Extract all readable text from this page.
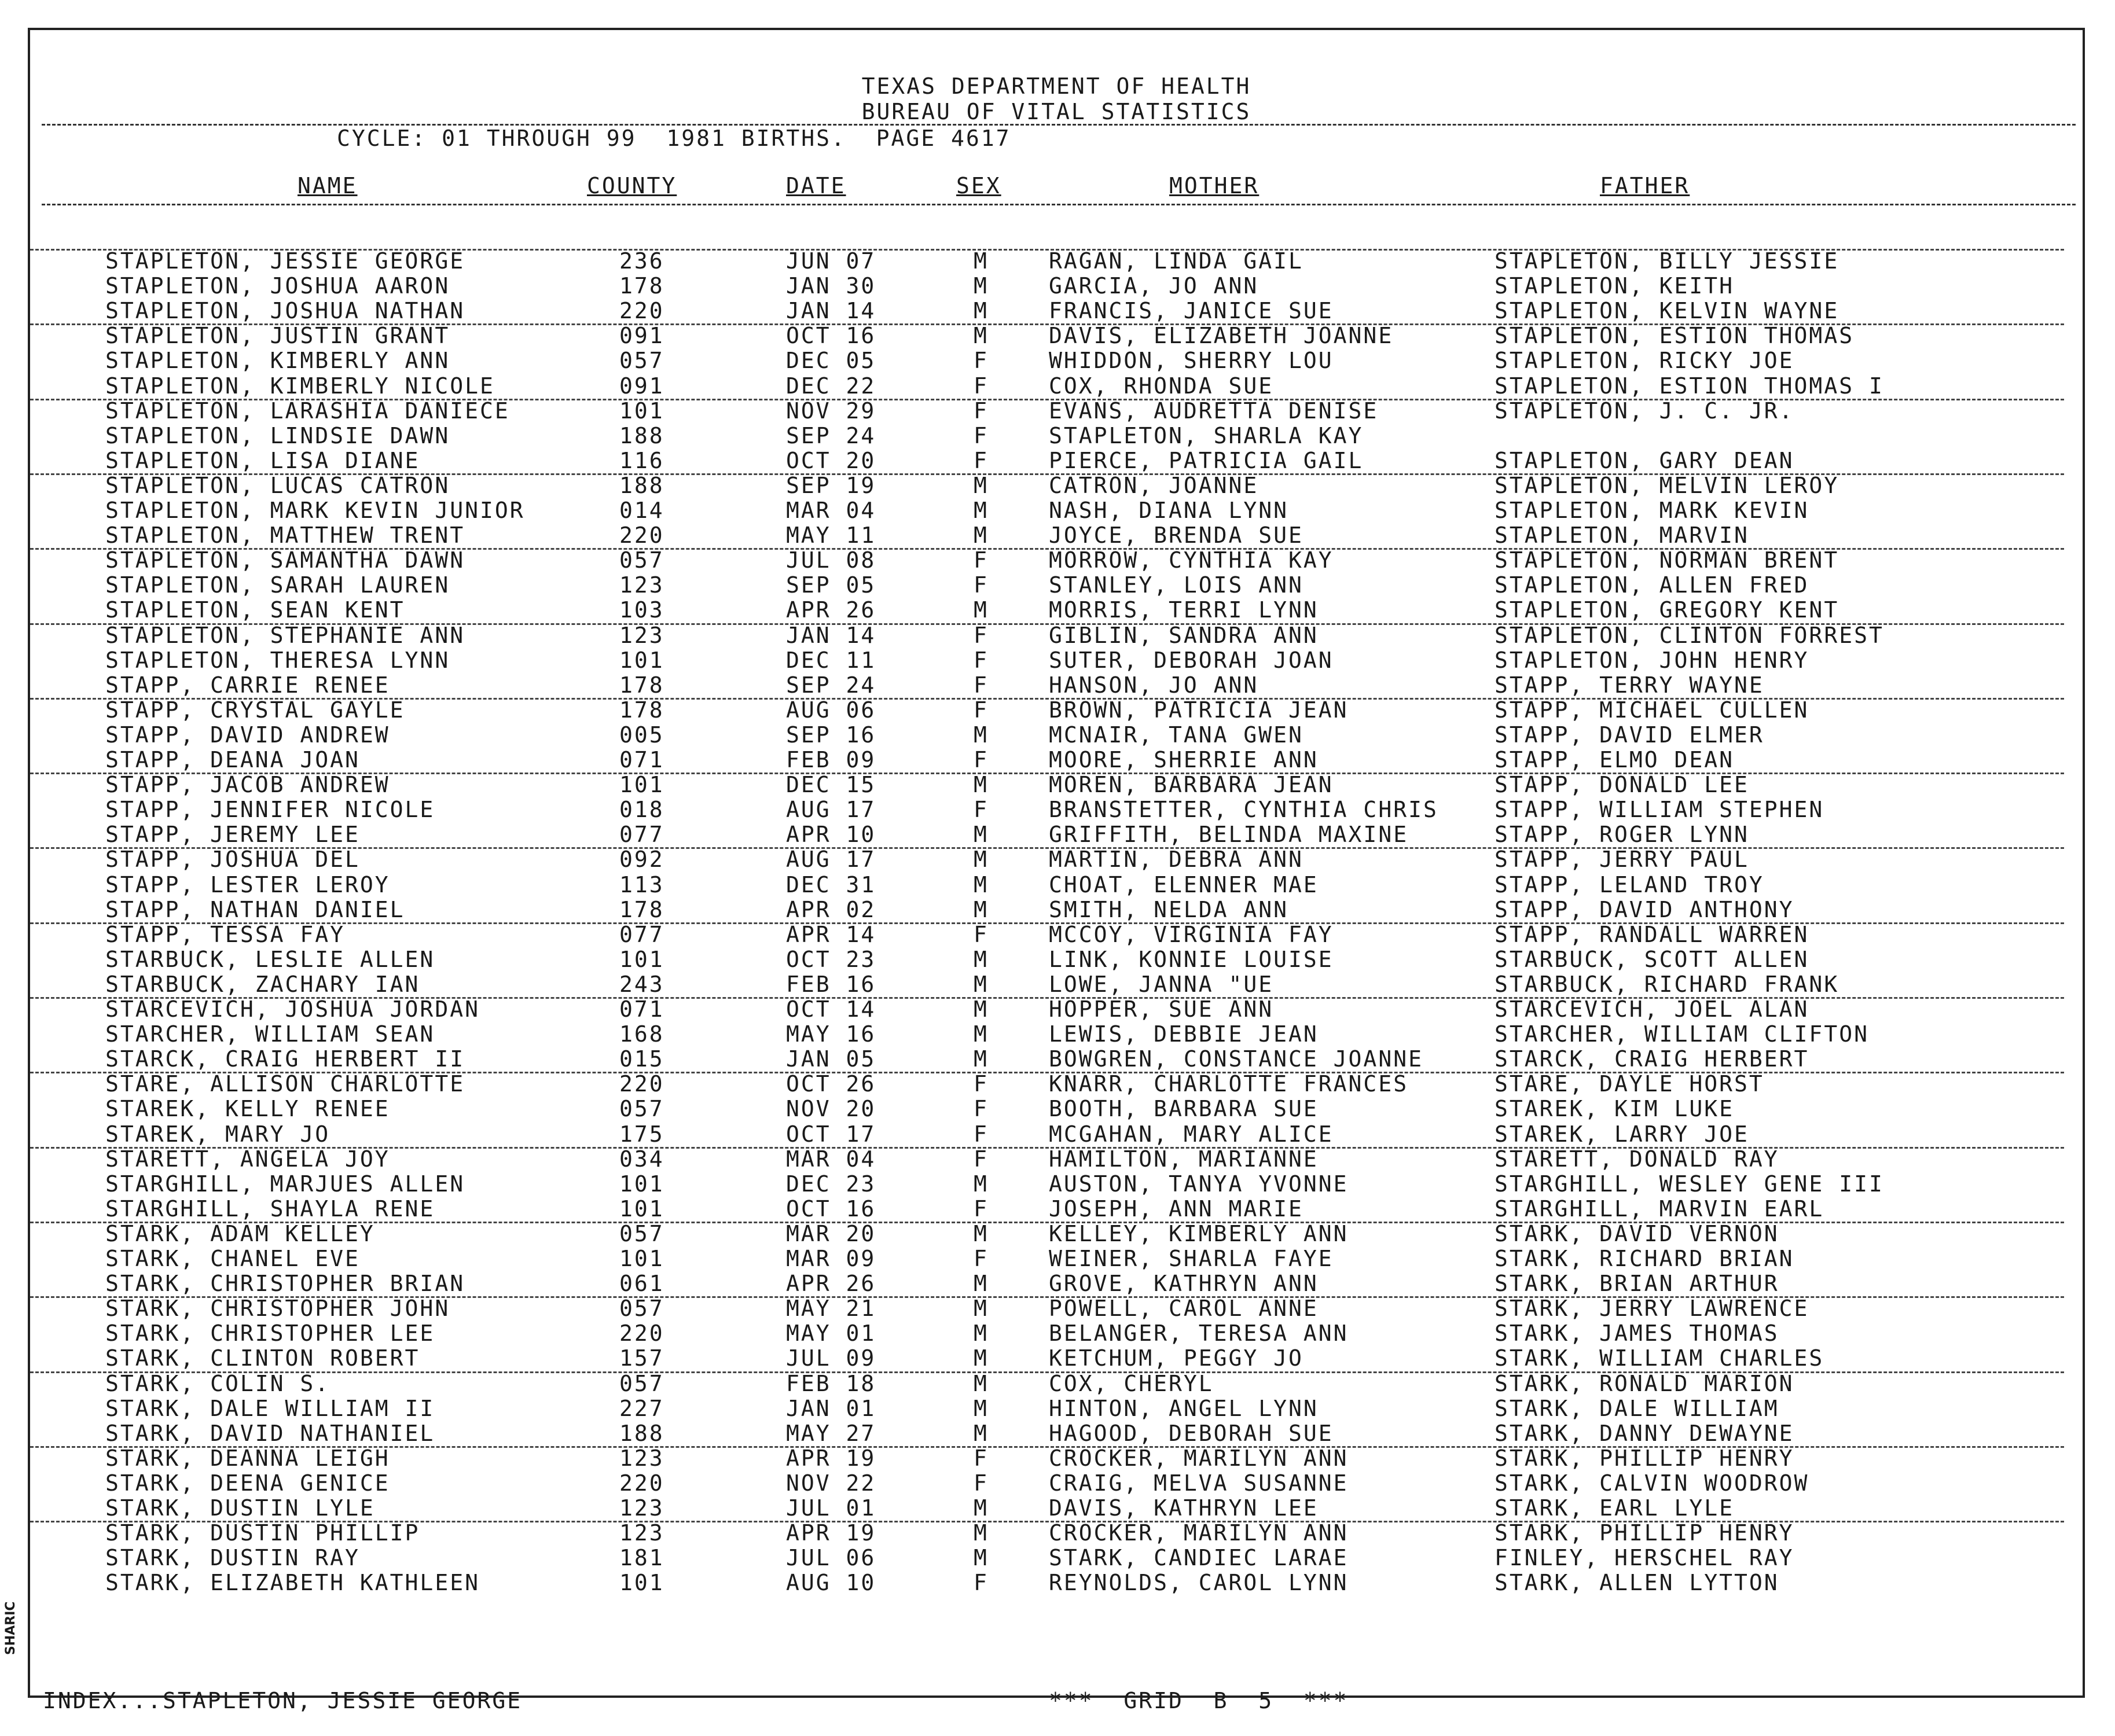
TEXAS DEPARTMENT OF HEALTH
BUREAU OF VITAL STATISTICS
CYCLE: 01 THROUGH 99  1981 BIRTHS.  PAGE 4617
NAME	COUNTY	DATE	SEX	MOTHER	FATHER
STAPLETON, JESSIE GEORGE	236	JUN 07	M	RAGAN, LINDA GAIL	STAPLETON, BILLY JESSIE
STAPLETON, JOSHUA AARON	178	JAN 30	M	GARCIA, JO ANN	STAPLETON, KEITH
STAPLETON, JOSHUA NATHAN	220	JAN 14	M	FRANCIS, JANICE SUE	STAPLETON, KELVIN WAYNE
STAPLETON, JUSTIN GRANT	091	OCT 16	M	DAVIS, ELIZABETH JOANNE	STAPLETON, ESTION THOMAS
STAPLETON, KIMBERLY ANN	057	DEC 05	F	WHIDDON, SHERRY LOU	STAPLETON, RICKY JOE
STAPLETON, KIMBERLY NICOLE	091	DEC 22	F	COX, RHONDA SUE	STAPLETON, ESTION THOMAS I
STAPLETON, LARASHIA DANIECE	101	NOV 29	F	EVANS, AUDRETTA DENISE	STAPLETON, J. C. JR.
STAPLETON, LINDSIE DAWN	188	SEP 24	F	STAPLETON, SHARLA KAY
STAPLETON, LISA DIANE	116	OCT 20	F	PIERCE, PATRICIA GAIL	STAPLETON, GARY DEAN
STAPLETON, LUCAS CATRON	188	SEP 19	M	CATRON, JOANNE	STAPLETON, MELVIN LEROY
STAPLETON, MARK KEVIN JUNIOR	014	MAR 04	M	NASH, DIANA LYNN	STAPLETON, MARK KEVIN
STAPLETON, MATTHEW TRENT	220	MAY 11	M	JOYCE, BRENDA SUE	STAPLETON, MARVIN
STAPLETON, SAMANTHA DAWN	057	JUL 08	F	MORROW, CYNTHIA KAY	STAPLETON, NORMAN BRENT
STAPLETON, SARAH LAUREN	123	SEP 05	F	STANLEY, LOIS ANN	STAPLETON, ALLEN FRED
STAPLETON, SEAN KENT	103	APR 26	M	MORRIS, TERRI LYNN	STAPLETON, GREGORY KENT
STAPLETON, STEPHANIE ANN	123	JAN 14	F	GIBLIN, SANDRA ANN	STAPLETON, CLINTON FORREST
STAPLETON, THERESA LYNN	101	DEC 11	F	SUTER, DEBORAH JOAN	STAPLETON, JOHN HENRY
STAPP, CARRIE RENEE	178	SEP 24	F	HANSON, JO ANN	STAPP, TERRY WAYNE
STAPP, CRYSTAL GAYLE	178	AUG 06	F	BROWN, PATRICIA JEAN	STAPP, MICHAEL CULLEN
STAPP, DAVID ANDREW	005	SEP 16	M	MCNAIR, TANA GWEN	STAPP, DAVID ELMER
STAPP, DEANA JOAN	071	FEB 09	F	MOORE, SHERRIE ANN	STAPP, ELMO DEAN
STAPP, JACOB ANDREW	101	DEC 15	M	MOREN, BARBARA JEAN	STAPP, DONALD LEE
STAPP, JENNIFER NICOLE	018	AUG 17	F	BRANSTETTER, CYNTHIA CHRIS	STAPP, WILLIAM STEPHEN
STAPP, JEREMY LEE	077	APR 10	M	GRIFFITH, BELINDA MAXINE	STAPP, ROGER LYNN
STAPP, JOSHUA DEL	092	AUG 17	M	MARTIN, DEBRA ANN	STAPP, JERRY PAUL
STAPP, LESTER LEROY	113	DEC 31	M	CHOAT, ELENNER MAE	STAPP, LELAND TROY
STAPP, NATHAN DANIEL	178	APR 02	M	SMITH, NELDA ANN	STAPP, DAVID ANTHONY
STAPP, TESSA FAY	077	APR 14	F	MCCOY, VIRGINIA FAY	STAPP, RANDALL WARREN
STARBUCK, LESLIE ALLEN	101	OCT 23	M	LINK, KONNIE LOUISE	STARBUCK, SCOTT ALLEN
STARBUCK, ZACHARY IAN	243	FEB 16	M	LOWE, JANNA "UE	STARBUCK, RICHARD FRANK
STARCEVICH, JOSHUA JORDAN	071	OCT 14	M	HOPPER, SUE ANN	STARCEVICH, JOEL ALAN
STARCHER, WILLIAM SEAN	168	MAY 16	M	LEWIS, DEBBIE JEAN	STARCHER, WILLIAM CLIFTON
STARCK, CRAIG HERBERT II	015	JAN 05	M	BOWGREN, CONSTANCE JOANNE	STARCK, CRAIG HERBERT
STARE, ALLISON CHARLOTTE	220	OCT 26	F	KNARR, CHARLOTTE FRANCES	STARE, DAYLE HORST
STAREK, KELLY RENEE	057	NOV 20	F	BOOTH, BARBARA SUE	STAREK, KIM LUKE
STAREK, MARY JO	175	OCT 17	F	MCGAHAN, MARY ALICE	STAREK, LARRY JOE
STARETT, ANGELA JOY	034	MAR 04	F	HAMILTON, MARIANNE	STARETT, DONALD RAY
STARGHILL, MARJUES ALLEN	101	DEC 23	M	AUSTON, TANYA YVONNE	STARGHILL, WESLEY GENE III
STARGHILL, SHAYLA RENE	101	OCT 16	F	JOSEPH, ANN MARIE	STARGHILL, MARVIN EARL
STARK, ADAM KELLEY	057	MAR 20	M	KELLEY, KIMBERLY ANN	STARK, DAVID VERNON
STARK, CHANEL EVE	101	MAR 09	F	WEINER, SHARLA FAYE	STARK, RICHARD BRIAN
STARK, CHRISTOPHER BRIAN	061	APR 26	M	GROVE, KATHRYN ANN	STARK, BRIAN ARTHUR
STARK, CHRISTOPHER JOHN	057	MAY 21	M	POWELL, CAROL ANNE	STARK, JERRY LAWRENCE
STARK, CHRISTOPHER LEE	220	MAY 01	M	BELANGER, TERESA ANN	STARK, JAMES THOMAS
STARK, CLINTON ROBERT	157	JUL 09	M	KETCHUM, PEGGY JO	STARK, WILLIAM CHARLES
STARK, COLIN S.	057	FEB 18	M	COX, CHERYL	STARK, RONALD MARION
STARK, DALE WILLIAM II	227	JAN 01	M	HINTON, ANGEL LYNN	STARK, DALE WILLIAM
STARK, DAVID NATHANIEL	188	MAY 27	M	HAGOOD, DEBORAH SUE	STARK, DANNY DEWAYNE
STARK, DEANNA LEIGH	123	APR 19	F	CROCKER, MARILYN ANN	STARK, PHILLIP HENRY
STARK, DEENA GENICE	220	NOV 22	F	CRAIG, MELVA SUSANNE	STARK, CALVIN WOODROW
STARK, DUSTIN LYLE	123	JUL 01	M	DAVIS, KATHRYN LEE	STARK, EARL LYLE
STARK, DUSTIN PHILLIP	123	APR 19	M	CROCKER, MARILYN ANN	STARK, PHILLIP HENRY
STARK, DUSTIN RAY	181	JUL 06	M	STARK, CANDIEC LARAE	FINLEY, HERSCHEL RAY
STARK, ELIZABETH KATHLEEN	101	AUG 10	F	REYNOLDS, CAROL LYNN	STARK, ALLEN LYTTON
INDEX...STAPLETON, JESSIE GEORGE	***  GRID  B  5  ***
SHARIC
